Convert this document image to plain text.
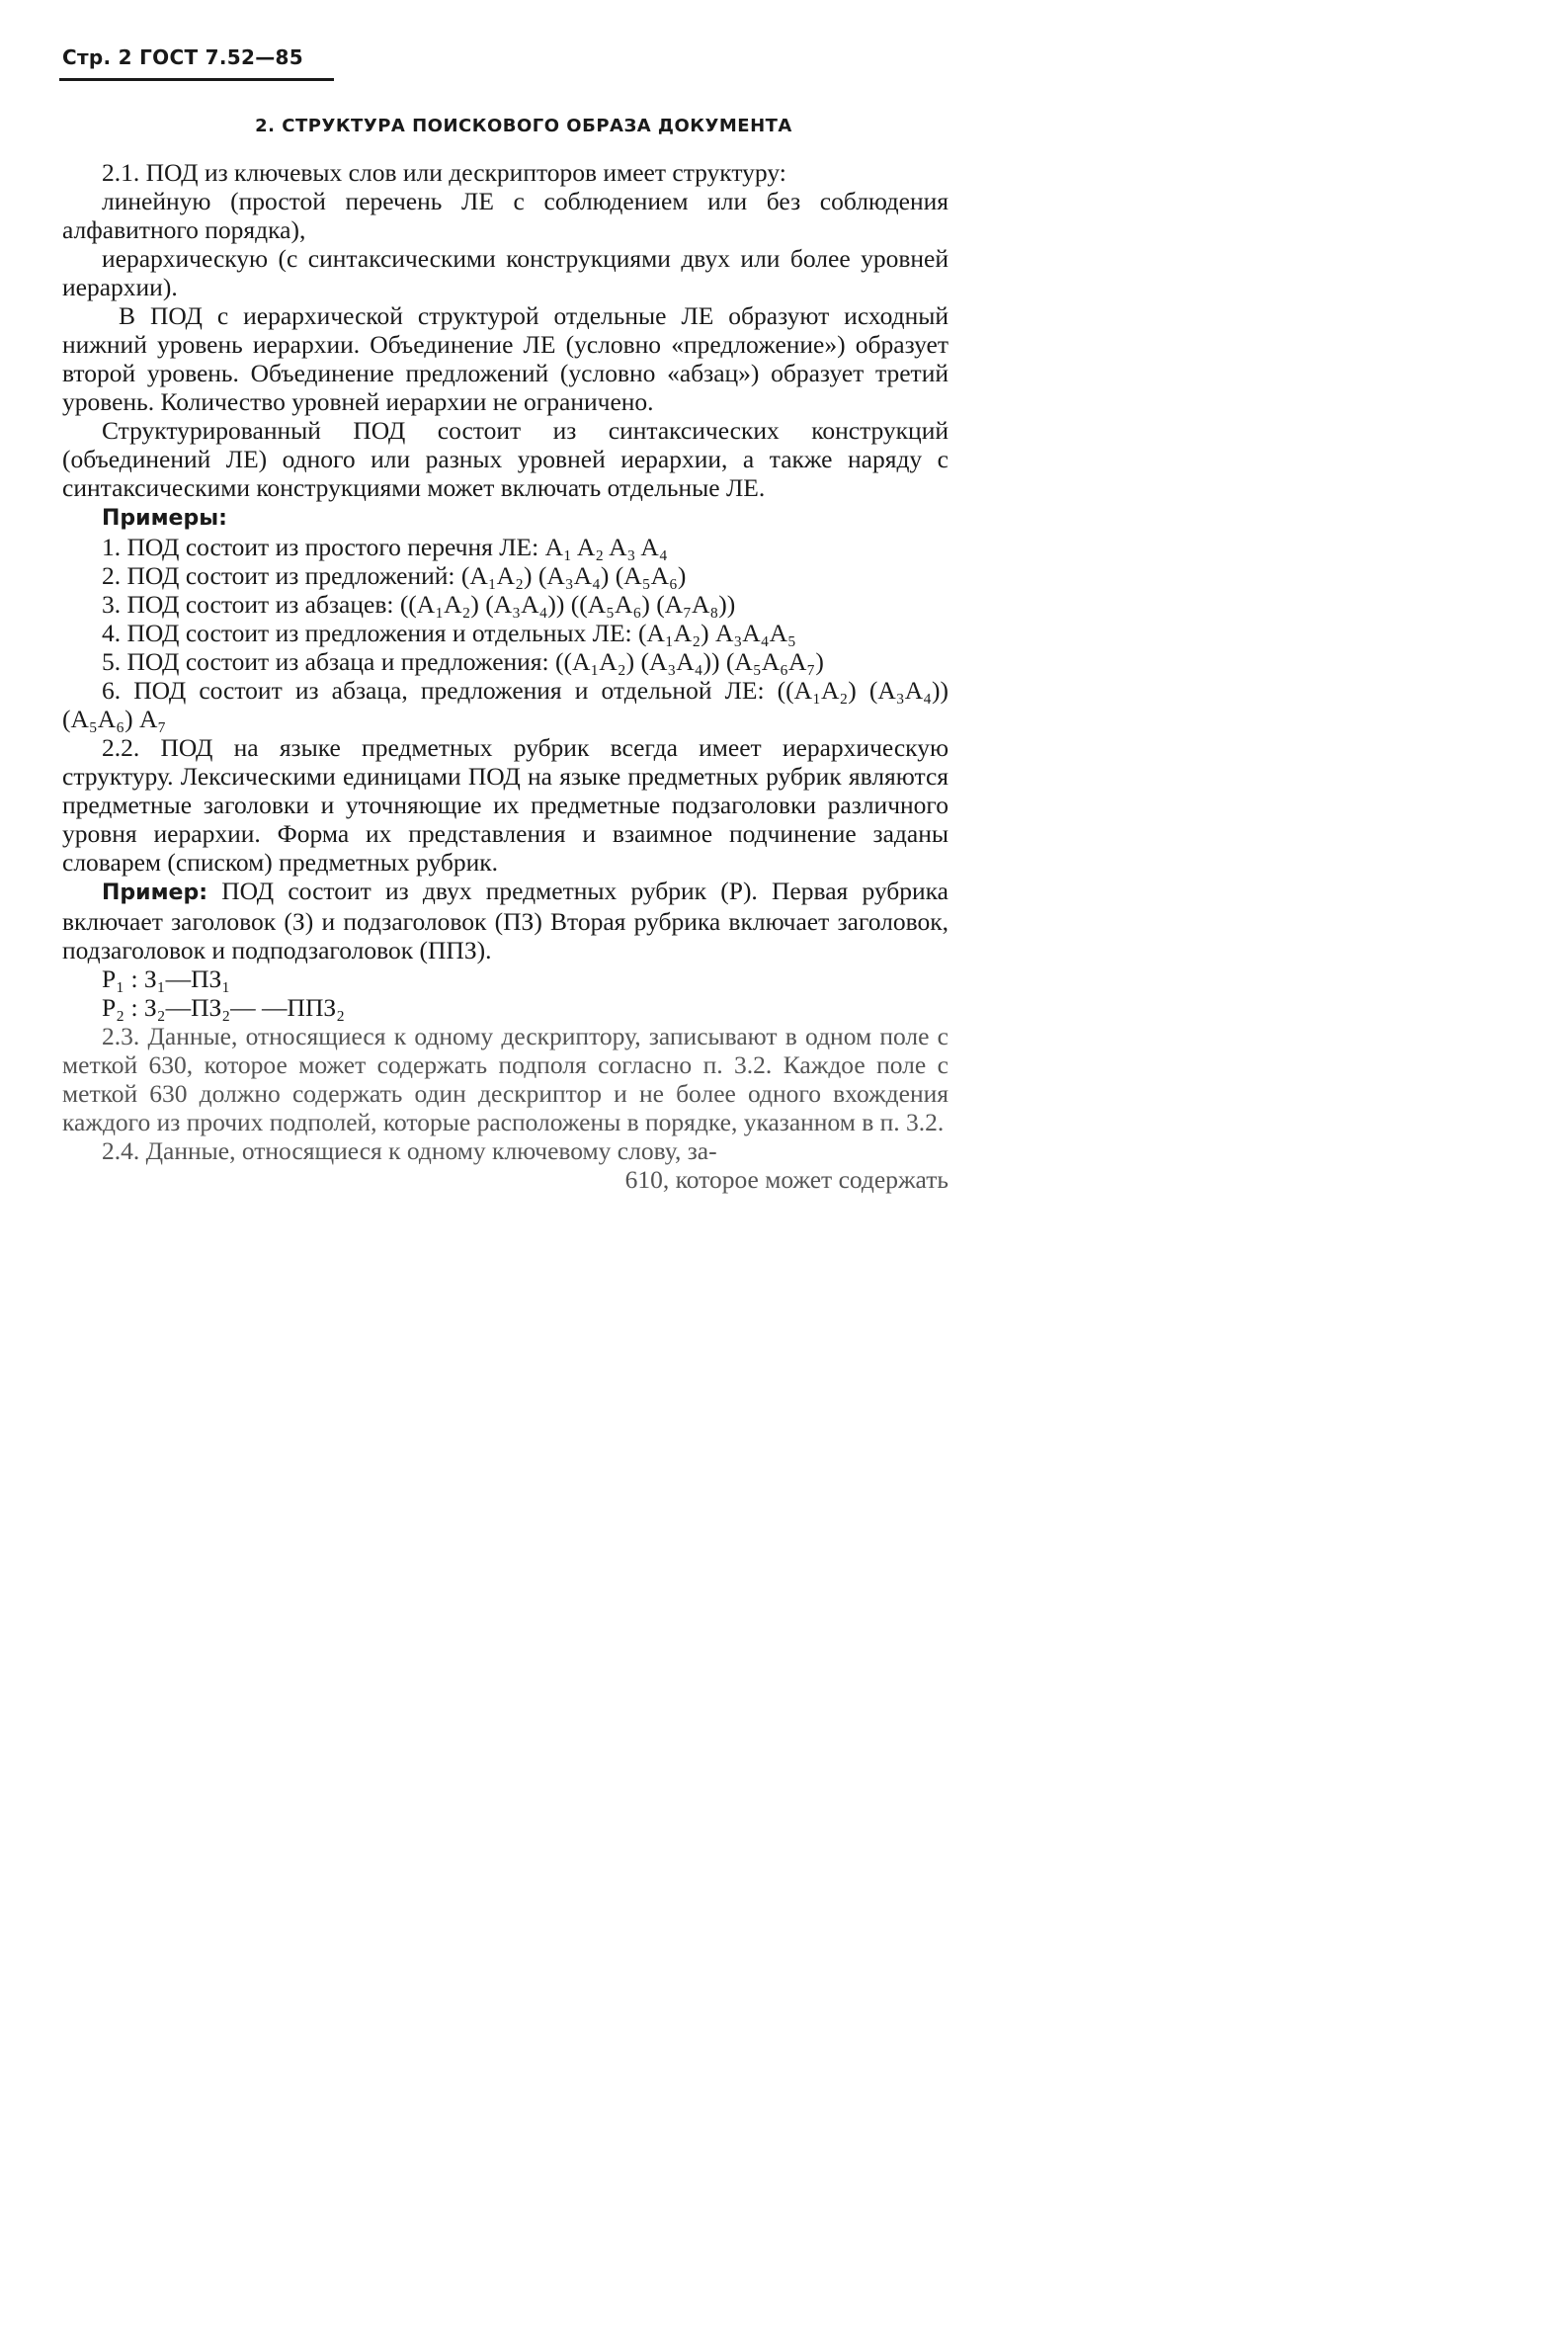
Стр. 2 ГОСТ 7.52—85
2. СТРУКТУРА ПОИСКОВОГО ОБРАЗА ДОКУМЕНТА

2.1. ПОД из ключевых слов или дескрипторов имеет структуру:

линейную (простой перечень ЛЕ с соблюдением или без соблюдения алфавитного порядка),

иерархическую (с синтаксическими конструкциями двух или более уровней иерархии).

В ПОД с иерархической структурой отдельные ЛЕ образуют исходный нижний уровень иерархии. Объединение ЛЕ (условно «предложение») образует второй уровень. Объединение предложений (условно «абзац») образует третий уровень. Количество уровней иерархии не ограничено.

Структурированный ПОД состоит из синтаксических конструкций (объединений ЛЕ) одного или разных уровней иерархии, а также наряду с синтаксическими конструкциями может включать отдельные ЛЕ.

Примеры:

1. ПОД состоит из простого перечня ЛЕ: A₁ A₂ A₃ A₄

2. ПОД состоит из предложений: (A₁A₂) (A₃A₄) (A₅A₆)

3. ПОД состоит из абзацев: ((A₁A₂) (A₃A₄)) ((A₅A₆) (A₇A₈))

4. ПОД состоит из предложения и отдельных ЛЕ: (A₁A₂) A₃A₄A₅

5. ПОД состоит из абзаца и предложения: ((A₁A₂) (A₃A₄)) (A₅A₆A₇)

6. ПОД состоит из абзаца, предложения и отдельной ЛЕ: ((A₁A₂) (A₃A₄)) (A₅A₆) A₇

2.2. ПОД на языке предметных рубрик всегда имеет иерархическую структуру. Лексическими единицами ПОД на языке предметных рубрик являются предметные заголовки и уточняющие их предметные подзаголовки различного уровня иерархии. Форма их представления и взаимное подчинение заданы словарем (списком) предметных рубрик.

Пример: ПОД состоит из двух предметных рубрик (Р). Первая рубрика включает заголовок (З) и подзаголовок (ПЗ) Вторая рубрика включает заголовок, подзаголовок и подподзаголовок (ППЗ).

Р₁ : З₁—ПЗ₁
Р₂ : З₂—ПЗ₂— —ППЗ₂

2.3. Данные, относящиеся к одному дескриптору, записывают в одном поле с меткой 630, которое может содержать подполя согласно п. 3.2. Каждое поле с меткой 630 должно содержать один дескриптор и не более одного вхождения каждого из прочих подполей, которые расположены в порядке, указанном в п. 3.2.

2.4. Данные, относящиеся к одному ключевому слову, за-

610, которое может содержать
